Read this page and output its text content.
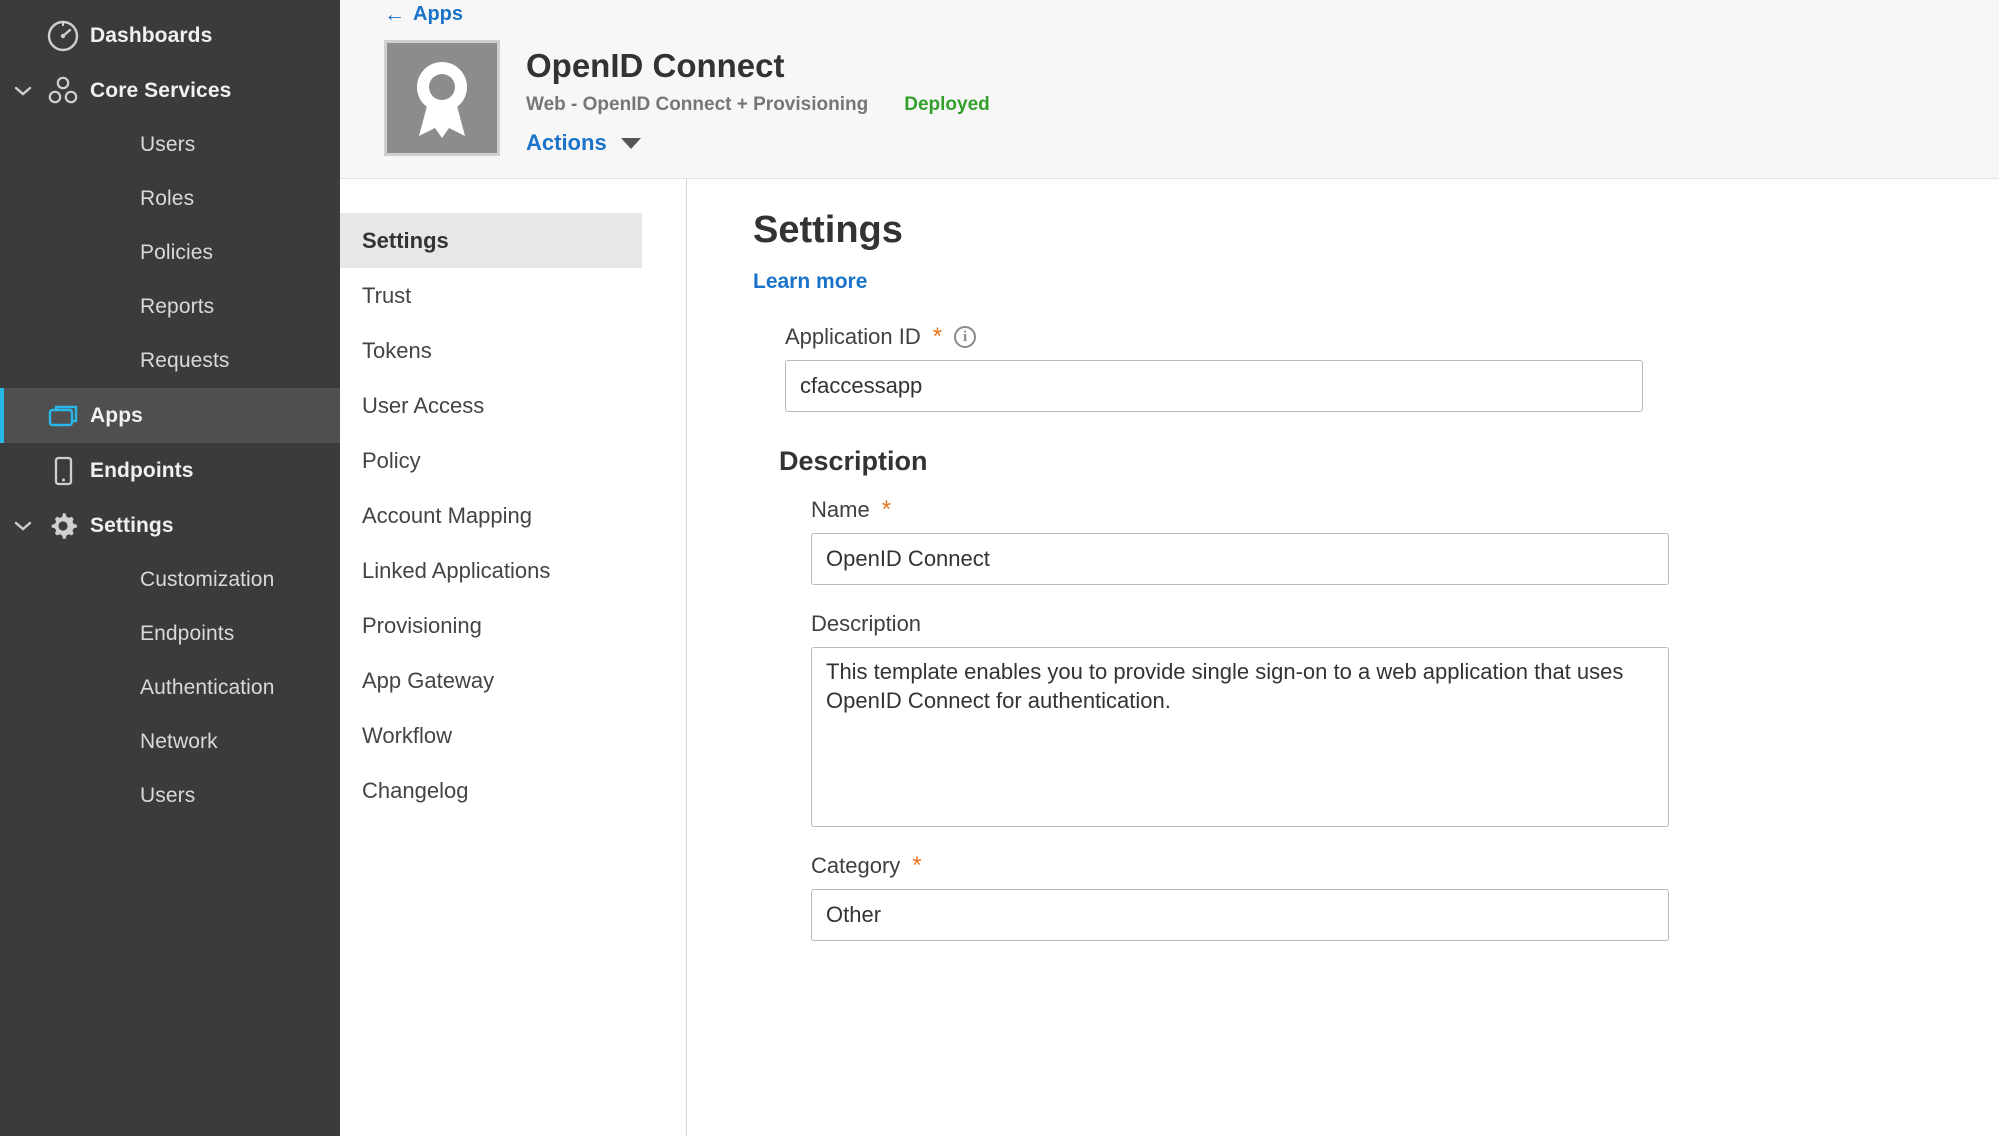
Dashboards
Core Services
Users
Roles
Policies
Reports
Requests
Apps
Endpoints
Settings
Customization
Endpoints
Authentication
Network
Users
← Apps
OpenID Connect
Web - OpenID Connect + Provisioning Deployed
Actions
Settings
Trust
Tokens
User Access
Policy
Account Mapping
Linked Applications
Provisioning
App Gateway
Workflow
Changelog
Settings
Learn more
Application ID *	i
cfaccessapp
Description
Name *
OpenID Connect
Description
This template enables you to provide single sign-on to a web application that uses OpenID Connect for authentication.
Category *
Other
